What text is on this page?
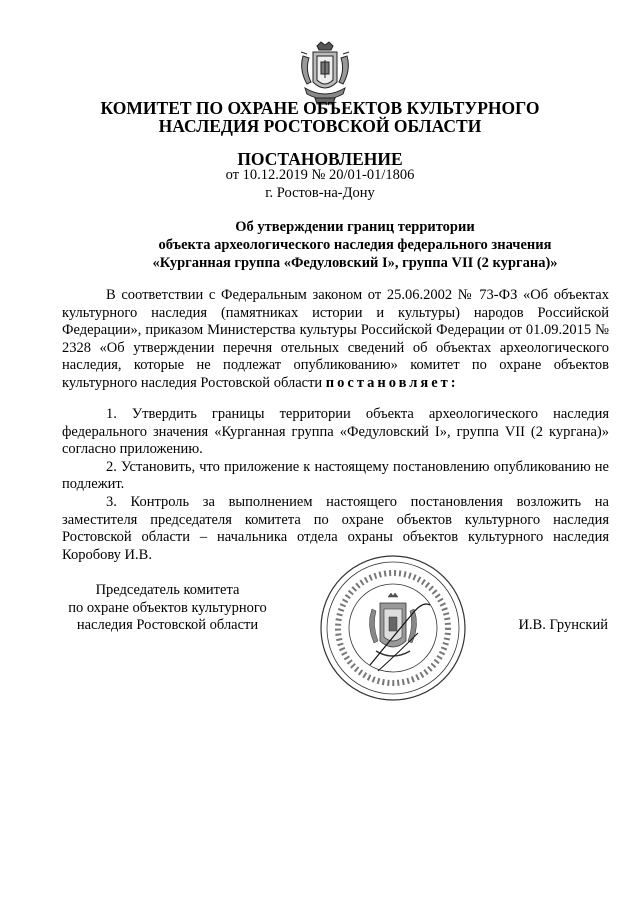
КОМИТЕТ ПО ОХРАНЕ ОБЪЕКТОВ КУЛЬТУРНОГО
НАСЛЕДИЯ РОСТОВСКОЙ ОБЛАСТИ
ПОСТАНОВЛЕНИЕ
от 10.12.2019 № 20/01-01/1806
г. Ростов-на-Дону
Об утверждении границ территории
объекта археологического наследия федерального значения
«Курганная группа «Федуловский I», группа VII (2 кургана)»

В соответствии с Федеральным законом от 25.06.2002 № 73-ФЗ «Об объектах культурного наследия (памятниках истории и культуры) народов Российской Федерации», приказом Министерства культуры Российской Федерации от 01.09.2015 № 2328 «Об утверждении перечня отельных сведений об объектах археологического наследия, которые не подлежат опубликованию» комитет по охране объектов культурного наследия Ростовской области постановляет:

1. Утвердить границы территории объекта археологического наследия федерального значения «Курганная группа «Федуловский I», группа VII (2 кургана)» согласно приложению.

2. Установить, что приложение к настоящему постановлению опубликованию не подлежит.

3. Контроль за выполнением настоящего постановления возложить на заместителя председателя комитета по охране объектов культурного наследия Ростовской области – начальника отдела охраны объектов культурного наследия Коробову И.В.

Председатель комитета
по охране объектов культурного
наследия Ростовской области	И.В. Грунский
